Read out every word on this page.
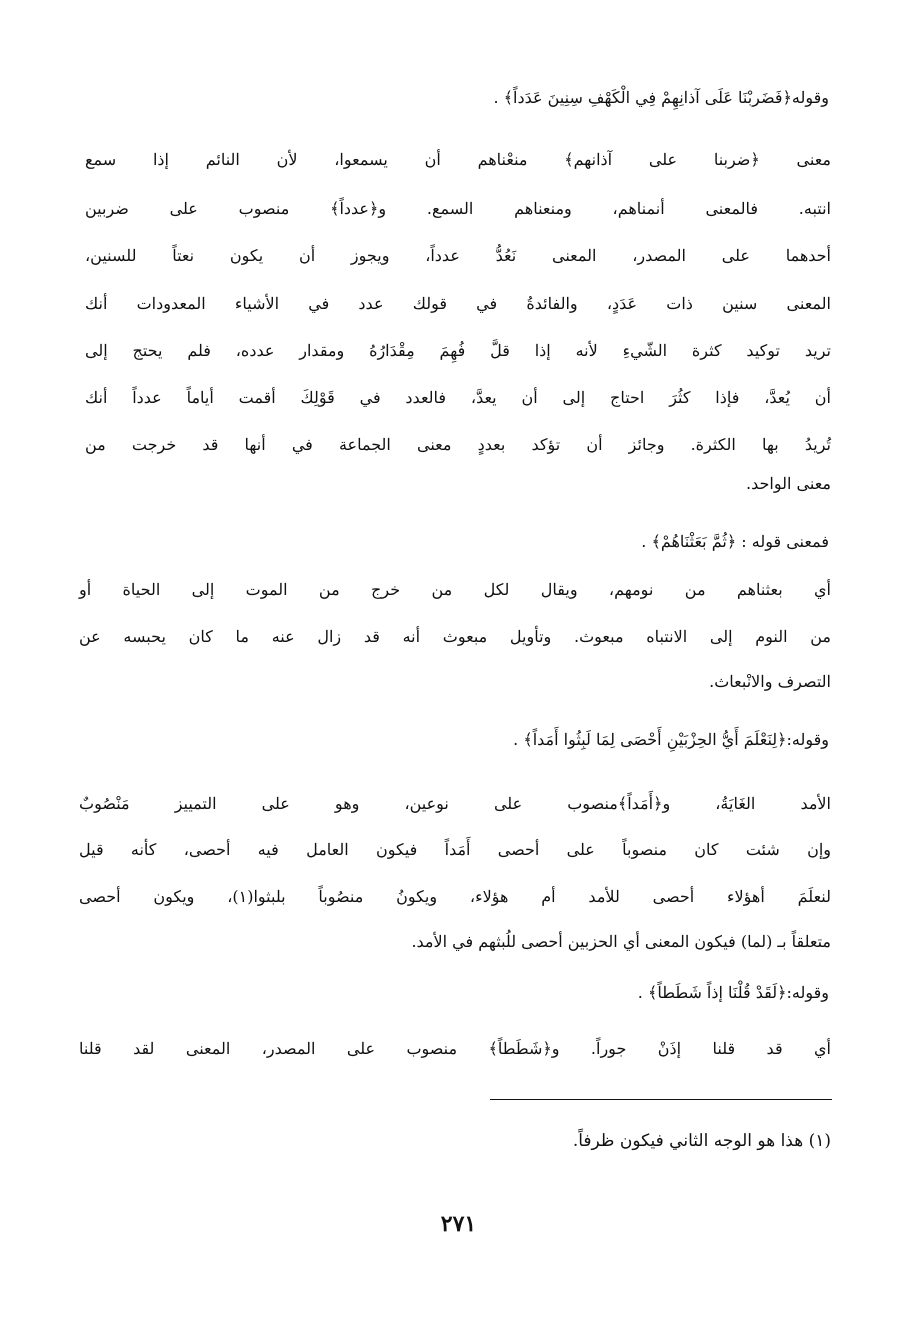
وقوله﴿فَضَربْنَا عَلَى آذانِهِمْ فِي الْكَهْفِ سِنِينَ عَدَداً﴾ .
معنى ﴿ضربنا على آذانهم﴾ منعْناهم أن يسمعوا، لأن النائم إذا سمع
انتبه. فالمعنى أنمناهم، ومنعناهم السمع. و﴿عدداً﴾ منصوب على ضربين
أحدهما على المصدر، المعنى نَعُدُّ عدداً، ويجوز أن يكون نعتاً للسنين،
المعنى سنين ذات عَدَدٍ، والفائدةُ في قولك عدد في الأشياء المعدودات أنك
تريد توكيد كثرة الشّيءِ لأنه إذا قلَّ فُهِمَ مِقْدَارُهُ ومقدار عدده، فلم يحتج إلى
أن يُعدَّ، فإذا كثُرَ احتاج إلى أن يعدَّ، فالعدد في قَوْلِكَ أقمت أياماً عدداً أنك
تُريدُ بها الكثرة. وجائز أن تؤكد بعددٍ معنى الجماعة في أنها قد خرجت من
معنى الواحد.
فمعنى قوله : ﴿ثُمَّ بَعَثْنَاهُمْ﴾ .
أي بعثناهم من نومهم، ويقال لكل من خرج من الموت إلى الحياة أو
من النوم إلى الانتباه مبعوث. وتأويل مبعوث أنه قد زال عنه ما كان يحبسه عن
التصرف والانْبعاث.
وقوله:﴿لِنَعْلَمَ أَيُّ الحِزْبَيْنِ أَحْصَى لِمَا لَبِثُوا أَمَداً﴾ .
الأمد الغَايَةُ، و﴿أَمَداً﴾منصوب على نوعين، وهو على التمييز مَنْصُوبٌ
وإن شئت كان منصوباً على أحصى أَمَداً فيكون العامل فيه أحصى، كأنه قيل
لنعلَمَ أهؤلاء أحصى للأمد أم هؤلاء، ويكونُ منصُوباً بلبثوا(١)، ويكون أحصى
متعلقاً بـ (لما) فيكون المعنى أي الحزبين أحصى للُبثهم في الأمد.
وقوله:﴿لَقَدْ قُلْنَا إذاً شَطَطاً﴾ .
أي قد قلنا إذَنْ جوراً. و﴿شَطَطاً﴾ منصوب على المصدر، المعنى لقد قلنا
(١) هذا هو الوجه الثاني فيكون ظرفاً.
٢٧١
